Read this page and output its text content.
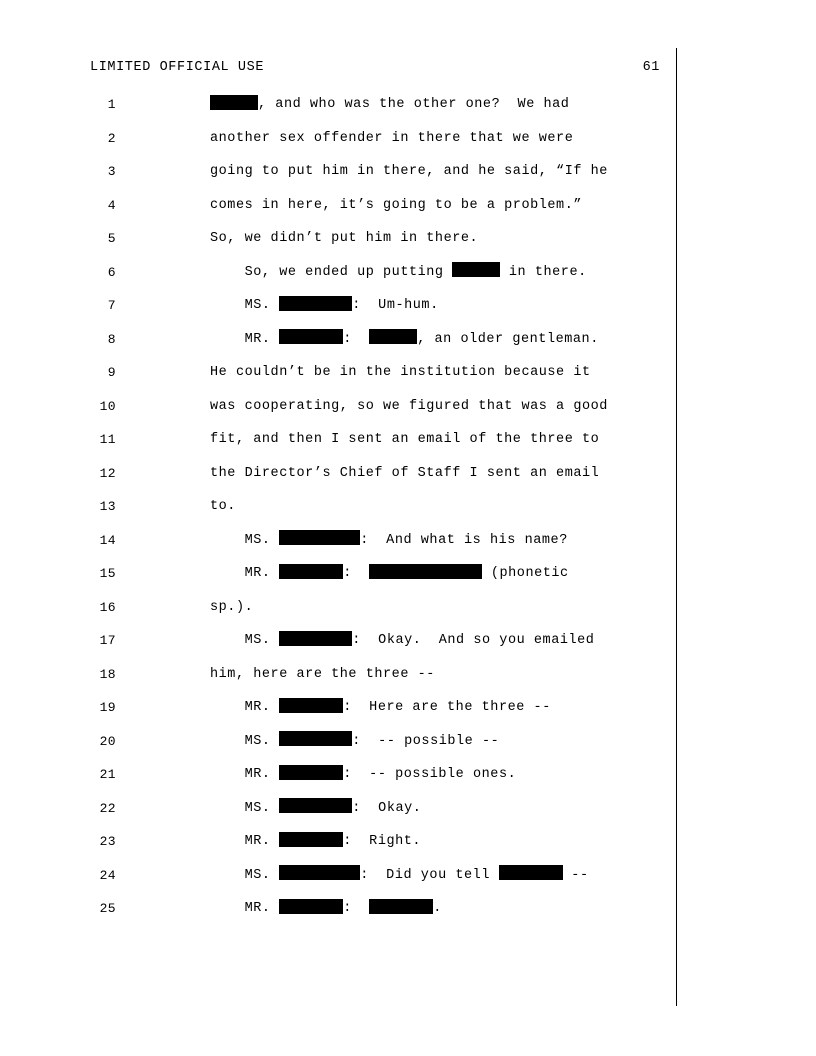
LIMITED OFFICIAL USE	61
1	, and who was the other one?  We had
2	another sex offender in there that we were
3	going to put him in there, and he said, “If he
4	comes in here, it’s going to be a problem.”
5	So, we didn’t put him in there.
6	So, we ended up putting	in there.
7	MS.	:  Um-hum.
8	MR.	:	, an older gentleman.
9	He couldn’t be in the institution because it
10	was cooperating, so we figured that was a good
11	fit, and then I sent an email of the three to
12	the Director’s Chief of Staff I sent an email
13	to.
14	MS.	:  And what is his name?
15	MR.	:	(phonetic
16	sp.).
17	MS.	:  Okay.  And so you emailed
18	him, here are the three --
19	MR.	:  Here are the three --
20	MS.	:  -- possible --
21	MR.	:  -- possible ones.
22	MS.	:  Okay.
23	MR.	:  Right.
24	MS.	:  Did you tell	--
25	MR.	:	.
